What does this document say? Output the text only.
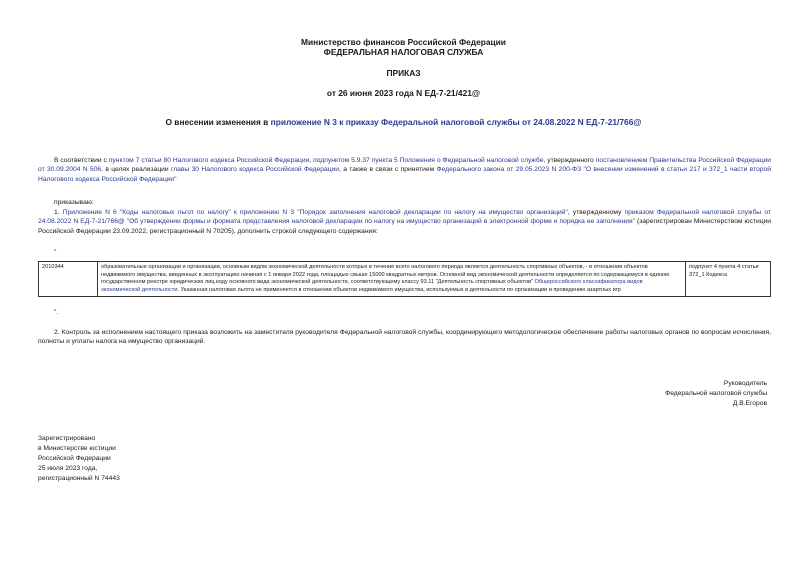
Министерство финансов Российской Федерации
ФЕДЕРАЛЬНАЯ НАЛОГОВАЯ СЛУЖБА
ПРИКАЗ
от 26 июня 2023 года N ЕД-7-21/421@
О внесении изменения в приложение N 3 к приказу Федеральной налоговой службы от 24.08.2022 N ЕД-7-21/766@

В соответствии с пунктом 7 статьи 80 Налогового кодекса Российской Федерации, подпунктом 5.9.37 пункта 5 Положения о Федеральной налоговой службе, утвержденного постановлением Правительства Российской Федерации от 30.09.2004 N 506, в целях реализации главы 30 Налогового кодекса Российской Федерации, а также в связи с принятием Федерального закона от 29.05.2023 N 200-ФЗ "О внесении изменений в статьи 217 и 372_1 части второй Налогового кодекса Российской Федерации"

приказываю:

1. Приложение N 6 "Коды налоговых льгот по налогу" к приложению N 3 "Порядок заполнения налоговой декларации по налогу на имущество организаций", утвержденному приказом Федеральной налоговой службы от 24.08.2022 N ЕД-7-21/766@ "Об утверждении формы и формата представления налоговой декларации по налогу на имущество организаций в электронной форме и порядка ее заполнения" (зарегистрирован Министерством юстиции Российской Федерации 23.09.2022, регистрационный N 70205), дополнить строкой следующего содержания:

"
2010344	образовательные организации и организации, основным видом экономической деятельности которых в течение всего налогового периода является деятельность спортивных объектов, - в отношении объектов недвижимого имущества, введенных в эксплуатацию начиная с 1 января 2022 года, площадью свыше 15000 квадратных метров. Основной вид экономической деятельности определяется по содержащемуся в едином государственном реестре юридических лиц коду основного вида экономической деятельности, соответствующему классу 93.11 "Деятельность спортивных объектов" Общероссийского классификатора видов экономической деятельности. Указанная налоговая льгота не применяется в отношении объектов недвижимого имущества, используемых в деятельности по организации и проведению азартных игр	подпункт 4 пункта 4 статьи 372_1 Кодекса
".

2. Контроль за исполнением настоящего приказа возложить на заместителя руководителя Федеральной налоговой службы, координирующего методологическое обеспечение работы налоговых органов по вопросам исчисления, полноты и уплаты налога на имущество организаций.

Руководитель
Федеральной налоговой службы
Д.В.Егоров
Зарегистрировано
в Министерстве юстиции
Российской Федерации
25 июля 2023 года,
регистрационный N 74443
